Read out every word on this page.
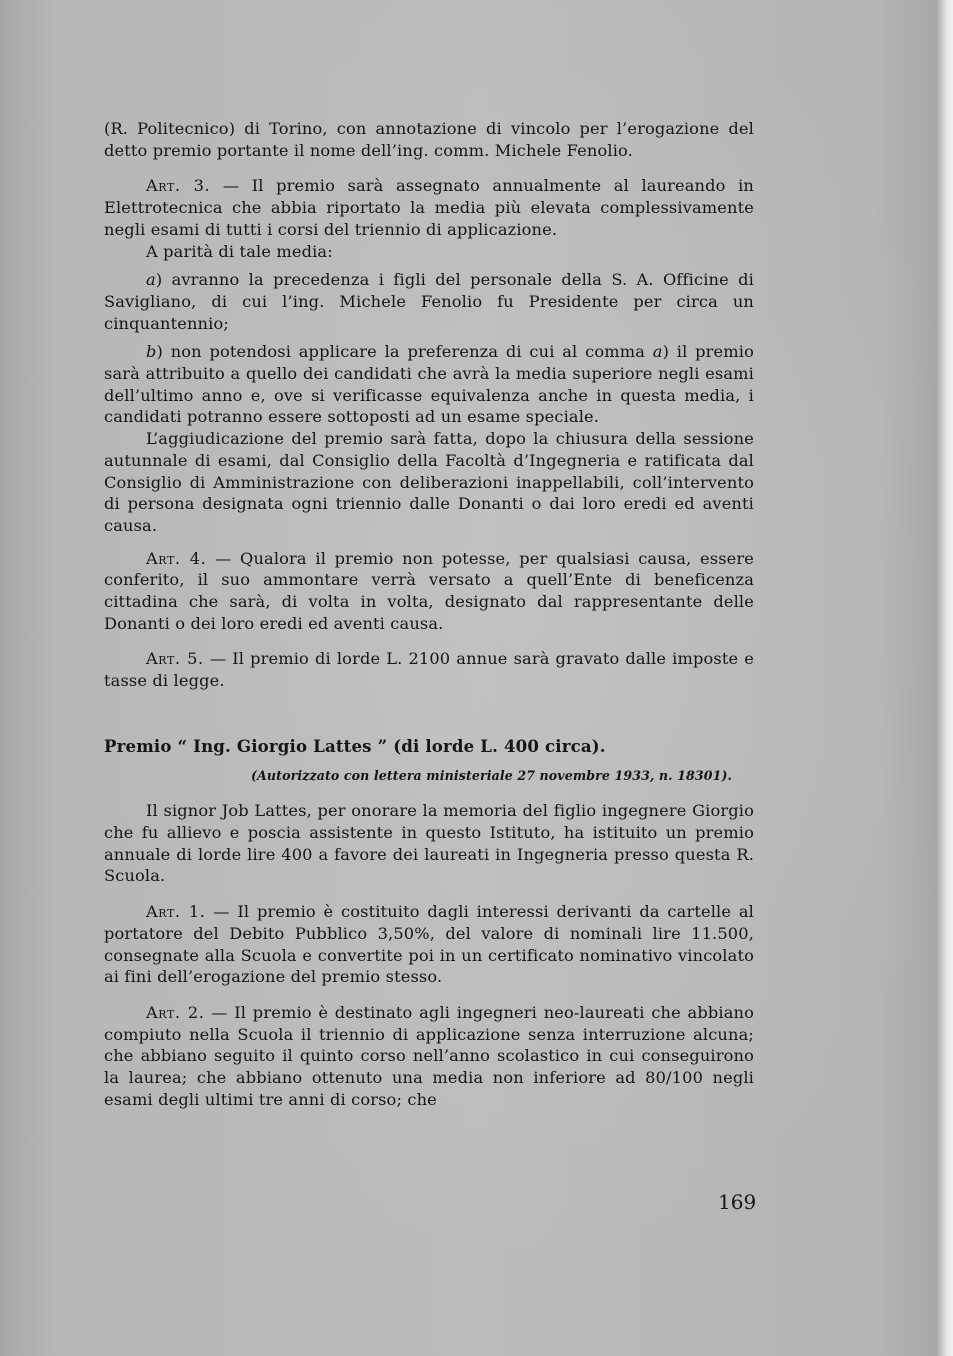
(R. Politecnico) di Torino, con annotazione di vincolo per l’erogazione del detto premio portante il nome dell’ing. comm. Michele Fenolio.

Art. 3. — Il premio sarà assegnato annualmente al laureando in Elettrotecnica che abbia riportato la media più elevata complessivamente negli esami di tutti i corsi del triennio di applicazione.

A parità di tale media:

a) avranno la precedenza i figli del personale della S. A. Officine di Savigliano, di cui l’ing. Michele Fenolio fu Presidente per circa un cinquantennio;

b) non potendosi applicare la preferenza di cui al comma a) il premio sarà attribuito a quello dei candidati che avrà la media superiore negli esami dell’ultimo anno e, ove si verificasse equivalenza anche in questa media, i candidati potranno essere sottoposti ad un esame speciale.

L’aggiudicazione del premio sarà fatta, dopo la chiusura della sessione autunnale di esami, dal Consiglio della Facoltà d’Ingegneria e ratificata dal Consiglio di Amministrazione con deliberazioni inappellabili, coll’intervento di persona designata ogni triennio dalle Donanti o dai loro eredi ed aventi causa.

Art. 4. — Qualora il premio non potesse, per qualsiasi causa, essere conferito, il suo ammontare verrà versato a quell’Ente di beneficenza cittadina che sarà, di volta in volta, designato dal rappresentante delle Donanti o dei loro eredi ed aventi causa.

Art. 5. — Il premio di lorde L. 2100 annue sarà gravato dalle imposte e tasse di legge.

Premio “ Ing. Giorgio Lattes ” (di lorde L. 400 circa).

(Autorizzato con lettera ministeriale 27 novembre 1933, n. 18301).

Il signor Job Lattes, per onorare la memoria del figlio ingegnere Giorgio che fu allievo e poscia assistente in questo Istituto, ha istituito un premio annuale di lorde lire 400 a favore dei laureati in Ingegneria presso questa R. Scuola.

Art. 1. — Il premio è costituito dagli interessi derivanti da cartelle al portatore del Debito Pubblico 3,50%, del valore di nominali lire 11.500, consegnate alla Scuola e convertite poi in un certificato nominativo vincolato ai fini dell’erogazione del premio stesso.

Art. 2. — Il premio è destinato agli ingegneri neo-laureati che abbiano compiuto nella Scuola il triennio di applicazione senza interruzione alcuna; che abbiano seguito il quinto corso nell’anno scolastico in cui conseguirono la laurea; che abbiano ottenuto una media non inferiore ad 80/100 negli esami degli ultimi tre anni di corso; che

169
